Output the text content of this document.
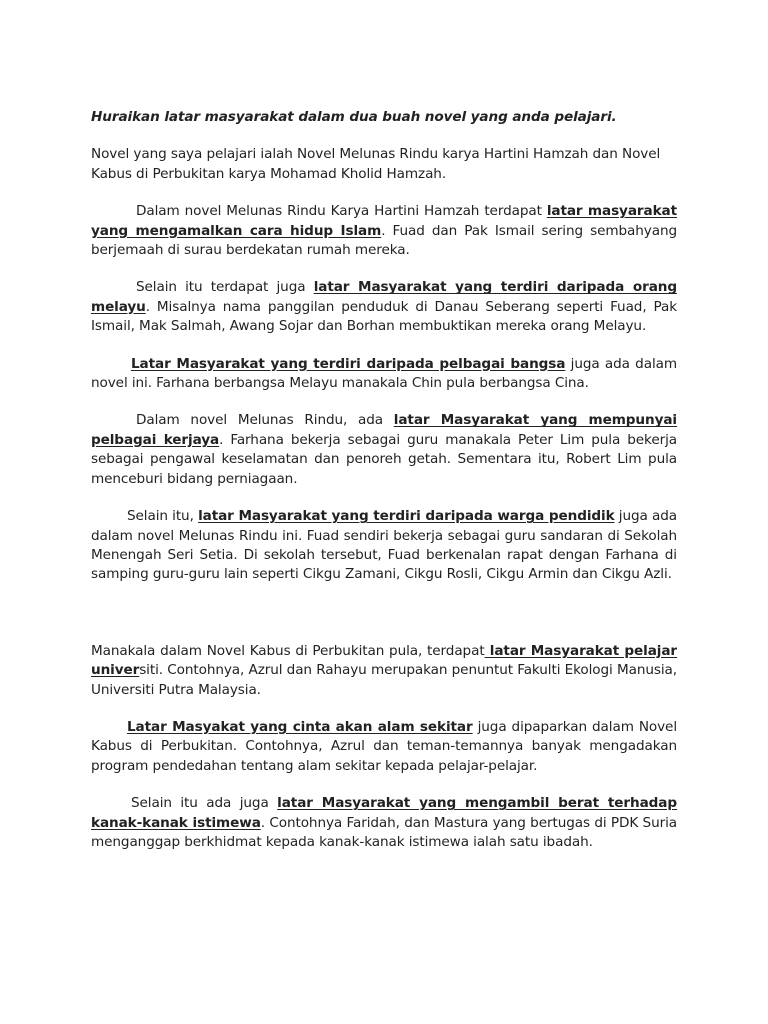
Huraikan latar masyarakat dalam dua buah novel yang anda pelajari.

Novel yang saya pelajari ialah Novel Melunas Rindu karya Hartini Hamzah dan Novel Kabus di Perbukitan karya Mohamad Kholid Hamzah.

Dalam novel Melunas Rindu Karya Hartini Hamzah terdapat latar masyarakat yang mengamalkan cara hidup Islam. Fuad dan Pak Ismail sering sembahyang berjemaah di surau berdekatan rumah mereka.

Selain itu terdapat juga latar Masyarakat yang terdiri daripada orang melayu. Misalnya nama panggilan penduduk di Danau Seberang seperti Fuad, Pak Ismail, Mak Salmah, Awang Sojar dan Borhan membuktikan mereka orang Melayu.

Latar Masyarakat yang terdiri daripada pelbagai bangsa juga ada dalam novel ini. Farhana berbangsa Melayu manakala Chin pula berbangsa Cina.

Dalam novel Melunas Rindu, ada latar Masyarakat yang mempunyai pelbagai kerjaya. Farhana bekerja sebagai guru manakala Peter Lim pula bekerja sebagai pengawal keselamatan dan penoreh getah. Sementara itu, Robert Lim pula menceburi bidang perniagaan.

Selain itu, latar Masyarakat yang terdiri daripada warga pendidik juga ada dalam novel Melunas Rindu ini. Fuad sendiri bekerja sebagai guru sandaran di Sekolah Menengah Seri Setia. Di sekolah tersebut, Fuad berkenalan rapat dengan Farhana di samping guru-guru lain seperti Cikgu Zamani, Cikgu Rosli, Cikgu Armin dan Cikgu Azli.

Manakala dalam Novel Kabus di Perbukitan pula, terdapat latar Masyarakat pelajar universiti. Contohnya, Azrul dan Rahayu merupakan penuntut Fakulti Ekologi Manusia, Universiti Putra Malaysia.

Latar Masyakat yang cinta akan alam sekitar juga dipaparkan dalam Novel Kabus di Perbukitan. Contohnya, Azrul dan teman-temannya banyak mengadakan program pendedahan tentang alam sekitar kepada pelajar-pelajar.

Selain itu ada juga latar Masyarakat yang mengambil berat terhadap kanak-kanak istimewa. Contohnya Faridah, dan Mastura yang bertugas di PDK Suria menganggap berkhidmat kepada kanak-kanak istimewa ialah satu ibadah.
